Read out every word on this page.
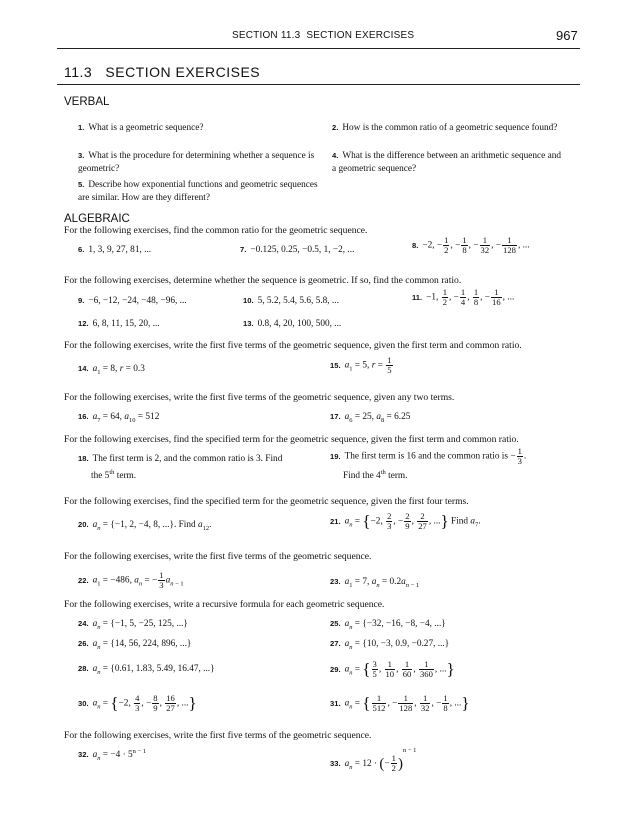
SECTION 11.3 SECTION EXERCISES	967
11.3 SECTION EXERCISES
VERBAL
1. What is a geometric sequence?	2. How is the common ratio of a geometric sequence found?
3. What is the procedure for determining whether a sequence is geometric?
4. What is the difference between an arithmetic sequence and a geometric sequence?
5. Describe how exponential functions and geometric sequences are similar. How are they different?
ALGEBRAIC
For the following exercises, find the common ratio for the geometric sequence.
6. 1, 3, 9, 27, 81, ...	7. −0.125, 0.25, −0.5, 1, −2, ...	8. −2, − $\frac{1}{2}$ , − $\frac{1}{8}$ , − $\frac{1}{32}$ , − $\frac{1}{128}$ , ...
For the following exercises, determine whether the sequence is geometric. If so, find the common ratio.
9. −6, −12, −24, −48, −96, ...	10. 5, 5.2, 5.4, 5.6, 5.8, ...	11. −1, $\frac{1}{2}$ , − $\frac{1}{4}$ , $\frac{1}{8}$ , − $\frac{1}{16}$ , ...
12. 6, 8, 11, 15, 20, ...	13. 0.8, 4, 20, 100, 500, ...
For the following exercises, write the first five terms of the geometric sequence, given the first term and common ratio.
14. $a_1 = 8$, r = 0.3	15. $a_1 = 5$, $r = \frac{1}{5}$
For the following exercises, write the first five terms of the geometric sequence, given any two terms.
16. $a_7 = 64$, $a_{10} = 512$	17. $a_6 = 25$, $a_8 = 6.25$
For the following exercises, find the specified term for the geometric sequence, given the first term and common ratio.
18. The first term is 2, and the common ratio is 3. Find
the 5th term.
19. The first term is 16 and the common ratio is − $\frac{1}{3}$ .
Find the 4th term.
For the following exercises, find the specified term for the geometric sequence, given the first four terms.
20. $a_n = \{-1$, 2, −4, 8, ...}. Find $a_{12}$.	21. $a_n = \{-2$, $\frac{2}{3}$ , − $\frac{2}{9}$ , $\frac{2}{27}$ , ...} Find $a_7$.
For the following exercises, write the first five terms of the geometric sequence.
22. $a_1 = -486$, $a_n$ = − $\frac{1}{3} a_{n - 1}$	23. $a_1 = 7$, $a_n = 0.2a_{n - 1}$
For the following exercises, write a recursive formula for each geometric sequence.
24. $a_n = \{-1$, 5, −25, 125, ...}	25. $a_n = \{-32$, −16, −8, −4, ...}
26. $a_n = \{14$, 56, 224, 896, ...}	27. $a_n = \{10$, −3, 0.9, −0.27, ...}
28. $a_n = \{0.61$, 1.83, 5.49, 16.47, ...}	29. $a_n$ = { $\frac{3}{5}$ , $\frac{1}{10}$ , $\frac{1}{60}$ , $\frac{1}{360}$ , ...}
30. $a_n = \{-2$, $\frac{4}{3}$ , − $\frac{8}{9}$ , $\frac{16}{27}$ , ...}	31. $a_n$ = { $\frac{1}{512}$ , − $\frac{1}{128}$ , $\frac{1}{32}$ , − $\frac{1}{8}$ , ...}
For the following exercises, write the first five terms of the geometric sequence.
32. $a_n = -4 \cdot 5^{n - 1}$
33. $a_n = 12$ · (− $\frac{1}{2} )^{n - 1}$
